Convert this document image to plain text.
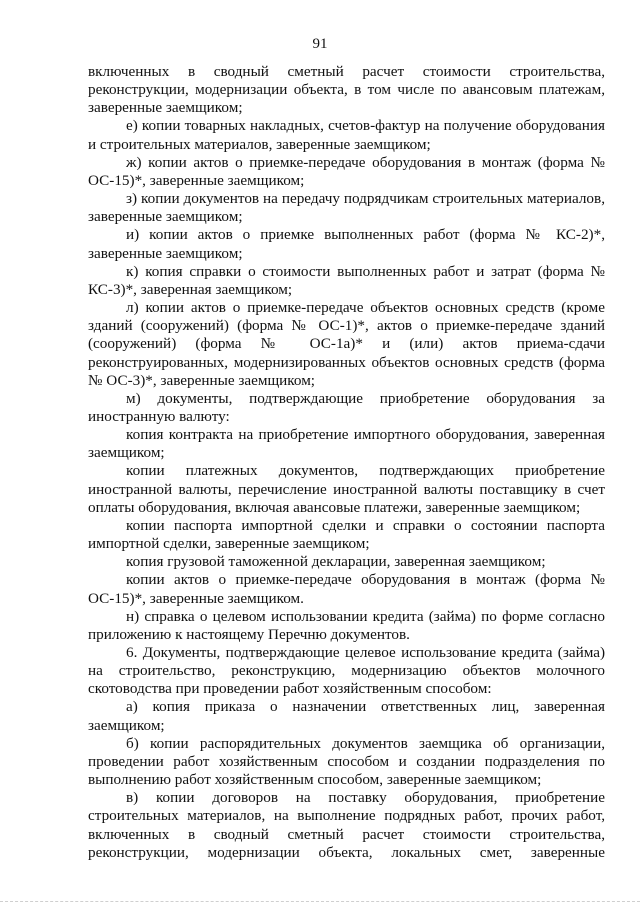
91

включенных в сводный сметный расчет стоимости строительства, реконструкции, модернизации объекта, в том числе по авансовым платежам, заверенные заемщиком;

е) копии товарных накладных, счетов-фактур на получение оборудования и строительных материалов, заверенные заемщиком;

ж) копии актов о приемке-передаче оборудования в монтаж (форма № ОС-15)*, заверенные заемщиком;

з) копии документов на передачу подрядчикам строительных материалов, заверенные заемщиком;

и) копии актов о приемке выполненных работ (форма № КС-2)*, заверенные заемщиком;

к) копия справки о стоимости выполненных работ и затрат (форма № КС-3)*, заверенная заемщиком;

л) копии актов о приемке-передаче объектов основных средств (кроме зданий (сооружений) (форма № ОС-1)*, актов о приемке-передаче зданий (сооружений) (форма № ОС-1а)* и (или) актов приема-сдачи реконструированных, модернизированных объектов основных средств (форма № ОС-3)*, заверенные заемщиком;

м) документы, подтверждающие приобретение оборудования за иностранную валюту:

копия контракта на приобретение импортного оборудования, заверенная заемщиком;

копии платежных документов, подтверждающих приобретение иностранной валюты, перечисление иностранной валюты поставщику в счет оплаты оборудования, включая авансовые платежи, заверенные заемщиком;

копии паспорта импортной сделки и справки о состоянии паспорта импортной сделки, заверенные заемщиком;

копия грузовой таможенной декларации, заверенная заемщиком;

копии актов о приемке-передаче оборудования в монтаж (форма № ОС-15)*, заверенные заемщиком.

н) справка о целевом использовании кредита (займа) по форме согласно приложению к настоящему Перечню документов.

6. Документы, подтверждающие целевое использование кредита (займа) на строительство, реконструкцию, модернизацию объектов молочного скотоводства при проведении работ хозяйственным способом:

а) копия приказа о назначении ответственных лиц, заверенная заемщиком;

б) копии распорядительных документов заемщика об организации, проведении работ хозяйственным способом и создании подразделения по выполнению работ хозяйственным способом, заверенные заемщиком;

в) копии договоров на поставку оборудования, приобретение строительных материалов, на выполнение подрядных работ, прочих работ, включенных в сводный сметный расчет стоимости строительства, реконструкции, модернизации объекта, локальных смет, заверенные
